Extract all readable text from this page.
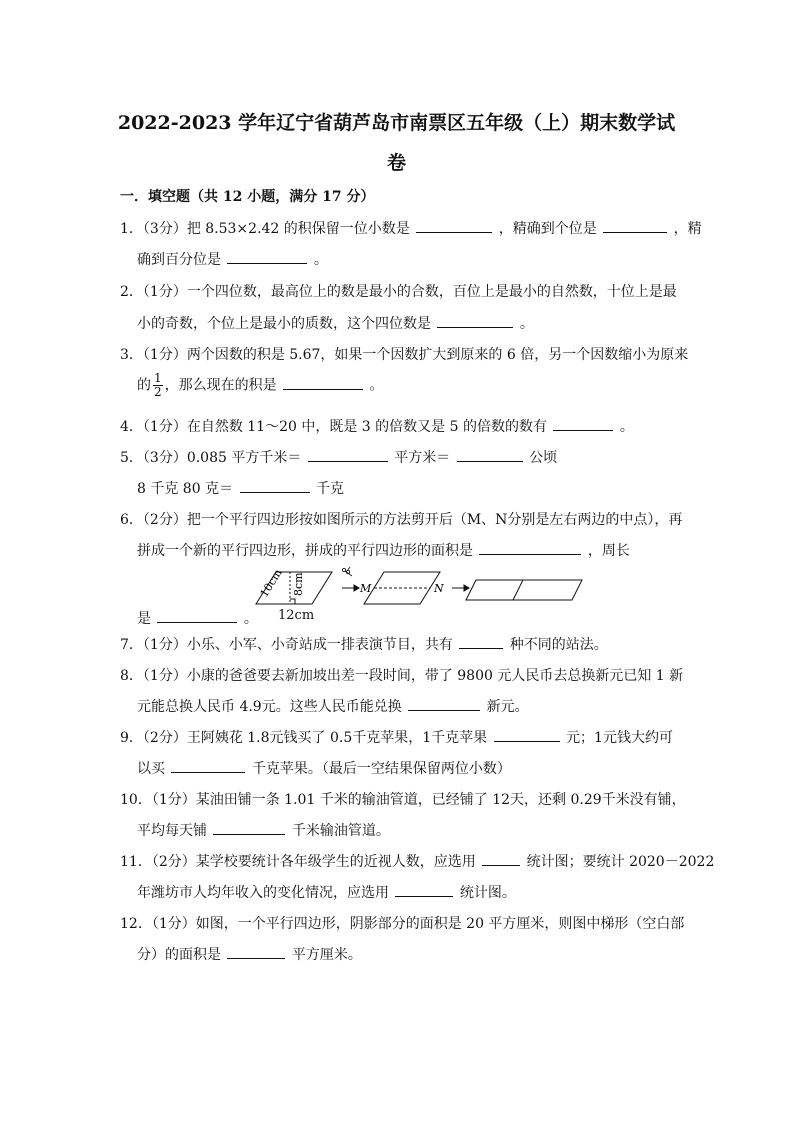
2022-2023 学年辽宁省葫芦岛市南票区五年级（上）期末数学试
卷
一．填空题（共 12 小题，满分 17 分）
1．（3分）把 8.53×2.42 的积保留一位小数是	，精确到个位是	，精
确到百分位是	。
2．（1分）一个四位数，最高位上的数是最小的合数，百位上是最小的自然数，十位上是最
小的奇数，个位上是最小的质数，这个四位数是	。
3．（1分）两个因数的积是 5.67，如果一个因数扩大到原来的 6 倍，另一个因数缩小为原来
的 $\frac{1}{2}$ ，那么现在的积是	。
4．（1分）在自然数 11～20 中，既是 3 的倍数又是 5 的倍数的数有	。
5．（3分）0.085 平方千米＝	平方米＝	公顷
8 千克 80 克＝	千克
6．（2分）把一个平行四边形按如图所示的方法剪开后（M、N分别是左右两边的中点），再
拼成一个新的平行四边形，拼成的平行四边形的面积是	，周长
10cm 8cm	M	N
12cm
是	。
7．（1分）小乐、小军、小奇站成一排表演节目，共有	种不同的站法。
8．（1分）小康的爸爸要去新加坡出差一段时间，带了 9800 元人民币去总换新元已知 1 新
元能总换人民币 4.9元。这些人民币能兑换	新元。
9．（2分）王阿姨花 1.8元钱买了 0.5千克苹果，1千克苹果	元；1元钱大约可
以买	千克苹果。（最后一空结果保留两位小数）
10．（1分）某油田铺一条 1.01 千米的输油管道，已经铺了 12天，还剩 0.29千米没有铺，
平均每天铺	千米输油管道。
11．（2分）某学校要统计各年级学生的近视人数，应选用	统计图；要统计 2020－2022
年潍坊市人均年收入的变化情况，应选用	统计图。
12．（1分）如图，一个平行四边形，阴影部分的面积是 20 平方厘米，则图中梯形（空白部
分）的面积是	平方厘米。
